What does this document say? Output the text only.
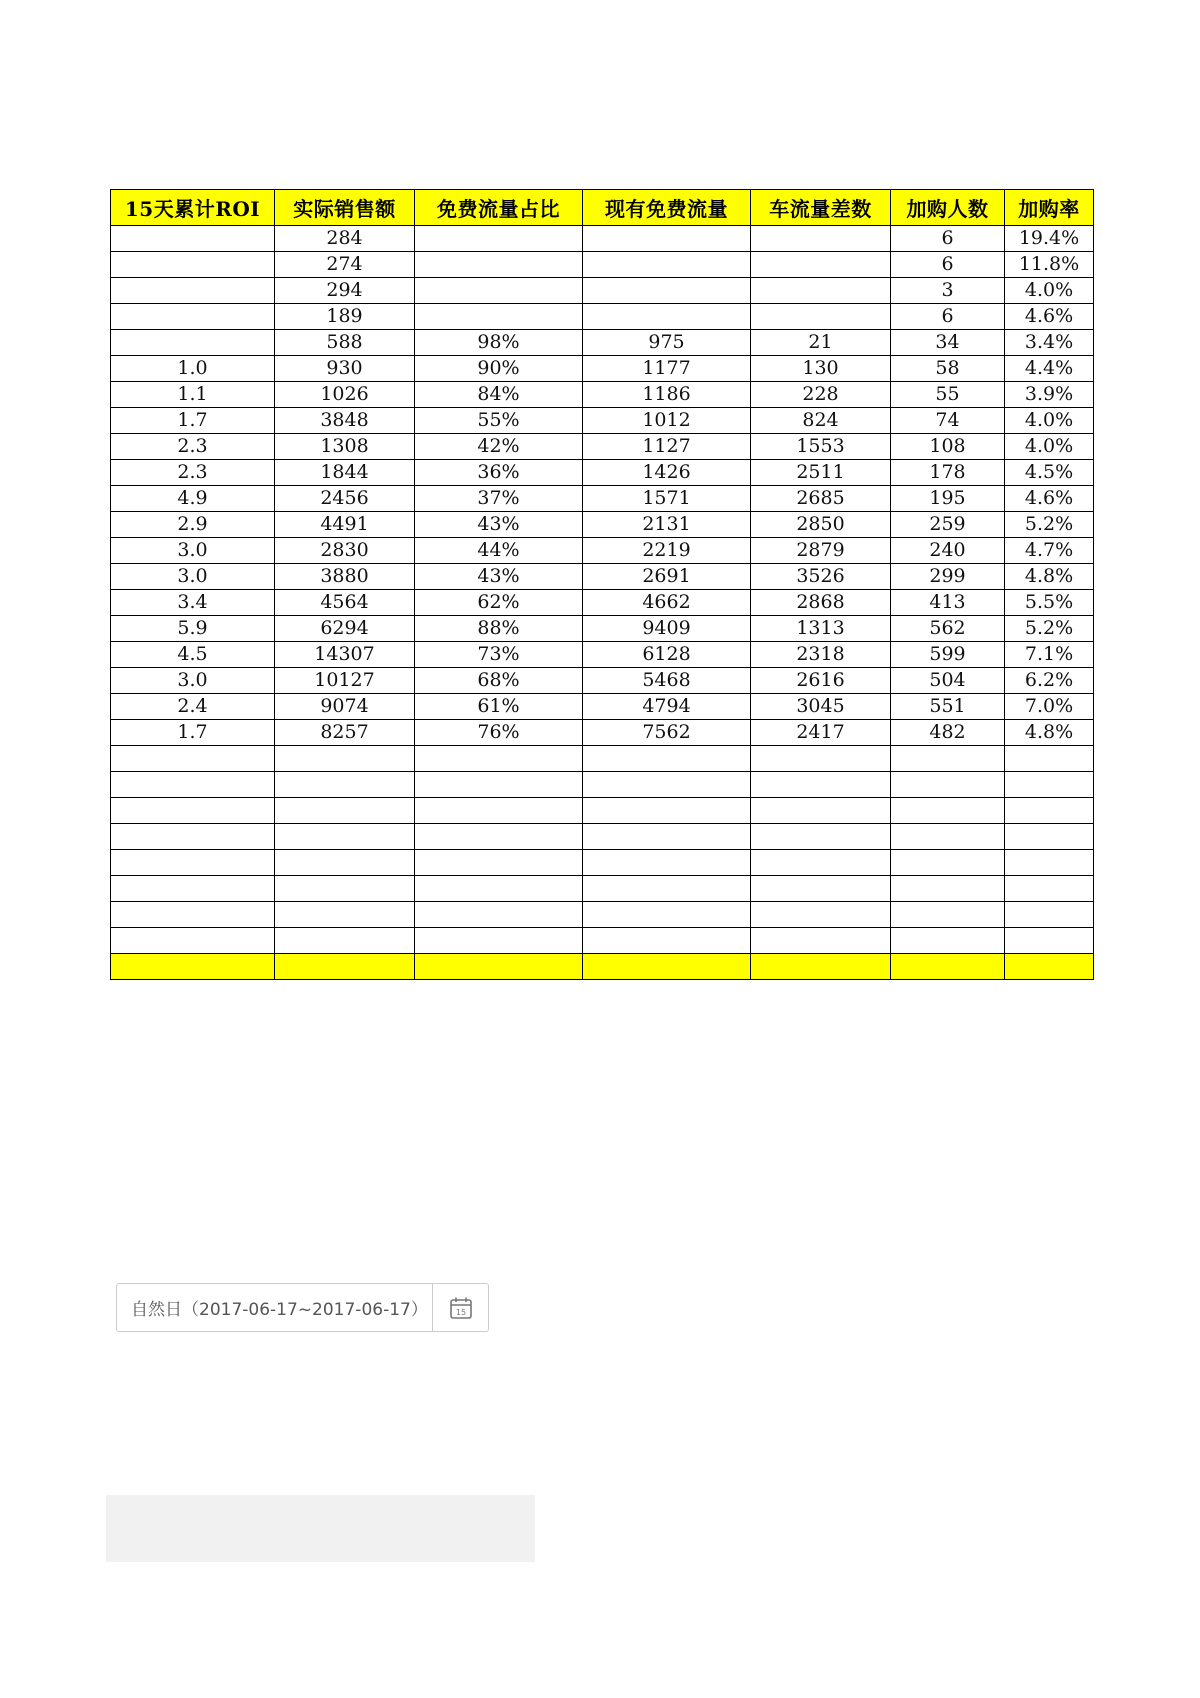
15天累计ROI	实际销售额	免费流量占比	现有免费流量	车流量差数	加购人数	加购率
	284				6	19.4%
	274				6	11.8%
	294				3	4.0%
	189				6	4.6%
	588	98%	975	21	34	3.4%
1.0	930	90%	1177	130	58	4.4%
1.1	1026	84%	1186	228	55	3.9%
1.7	3848	55%	1012	824	74	4.0%
2.3	1308	42%	1127	1553	108	4.0%
2.3	1844	36%	1426	2511	178	4.5%
4.9	2456	37%	1571	2685	195	4.6%
2.9	4491	43%	2131	2850	259	5.2%
3.0	2830	44%	2219	2879	240	4.7%
3.0	3880	43%	2691	3526	299	4.8%
3.4	4564	62%	4662	2868	413	5.5%
5.9	6294	88%	9409	1313	562	5.2%
4.5	14307	73%	6128	2318	599	7.1%
3.0	10127	68%	5468	2616	504	6.2%
2.4	9074	61%	4794	3045	551	7.0%
1.7	8257	76%	7562	2417	482	4.8%

自然日（2017-06-17~2017-06-17）	15
